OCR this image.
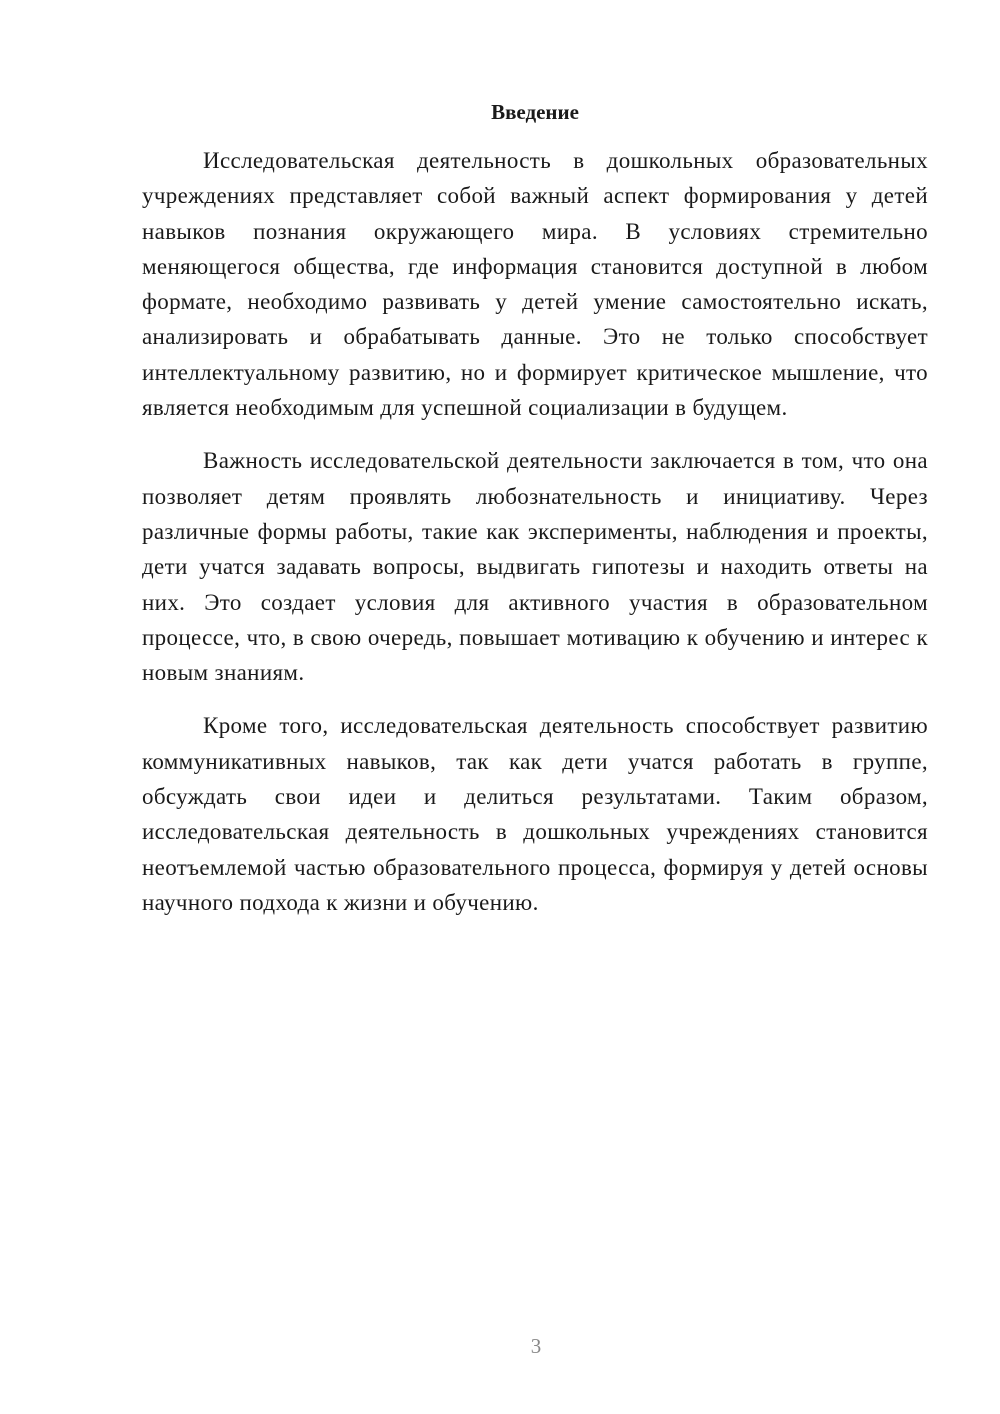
Введение

Исследовательская деятельность в дошкольных образовательных учреждениях представляет собой важный аспект формирования у детей навыков познания окружающего мира. В условиях стремительно меняющегося общества, где информация становится доступной в любом формате, необходимо развивать у детей умение самостоятельно искать, анализировать и обрабатывать данные. Это не только способствует интеллектуальному развитию, но и формирует критическое мышление, что является необходимым для успешной социализации в будущем.

Важность исследовательской деятельности заключается в том, что она позволяет детям проявлять любознательность и инициативу. Через различные формы работы, такие как эксперименты, наблюдения и проекты, дети учатся задавать вопросы, выдвигать гипотезы и находить ответы на них. Это создает условия для активного участия в образовательном процессе, что, в свою очередь, повышает мотивацию к обучению и интерес к новым знаниям.

Кроме того, исследовательская деятельность способствует развитию коммуникативных навыков, так как дети учатся работать в группе, обсуждать свои идеи и делиться результатами. Таким образом, исследовательская деятельность в дошкольных учреждениях становится неотъемлемой частью образовательного процесса, формируя у детей основы научного подхода к жизни и обучению.

3
